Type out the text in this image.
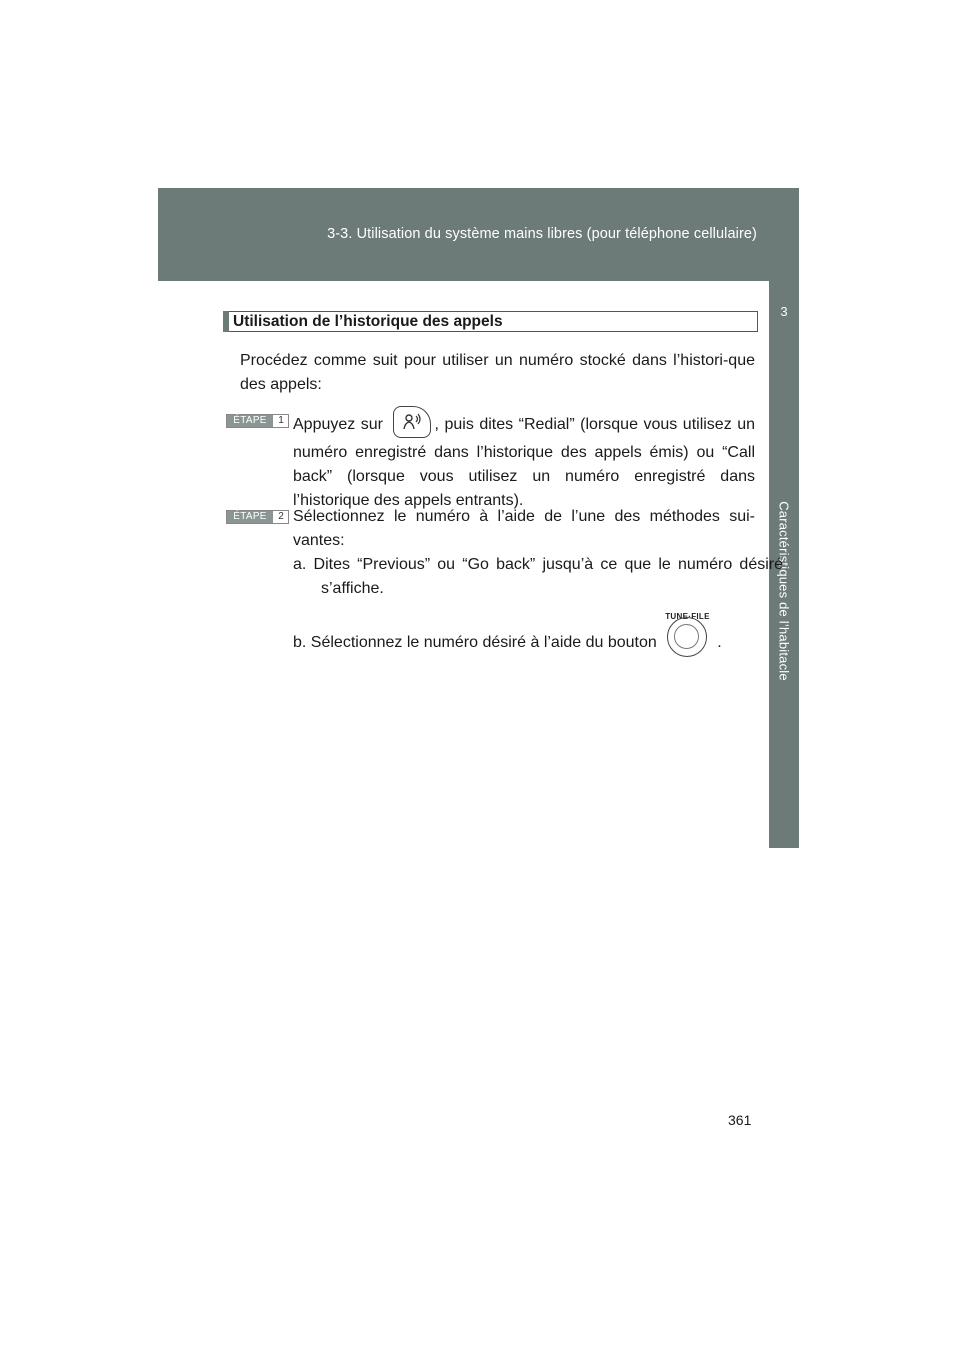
3-3. Utilisation du système mains libres (pour téléphone cellulaire)
3
Caractéristiques de l’habitacle
Utilisation de l’historique des appels
Procédez comme suit pour utiliser un numéro stocké dans l’histori-que des appels:
ÉTAPE	1 Appuyez sur	, puis dites “Redial” (lorsque vous utilisez un numéro enregistré dans l’historique des appels émis) ou “Call back” (lorsque vous utilisez un numéro enregistré dans l’historique des appels entrants).
ÉTAPE	2 Sélectionnez le numéro à l’aide de l’une des méthodes sui-vantes:
a. Dites “Previous” ou “Go back” jusqu’à ce que le numéro désiré s’affiche.
b. Sélectionnez le numéro désiré à l’aide du bouton
TUNE·FILE
.
361
